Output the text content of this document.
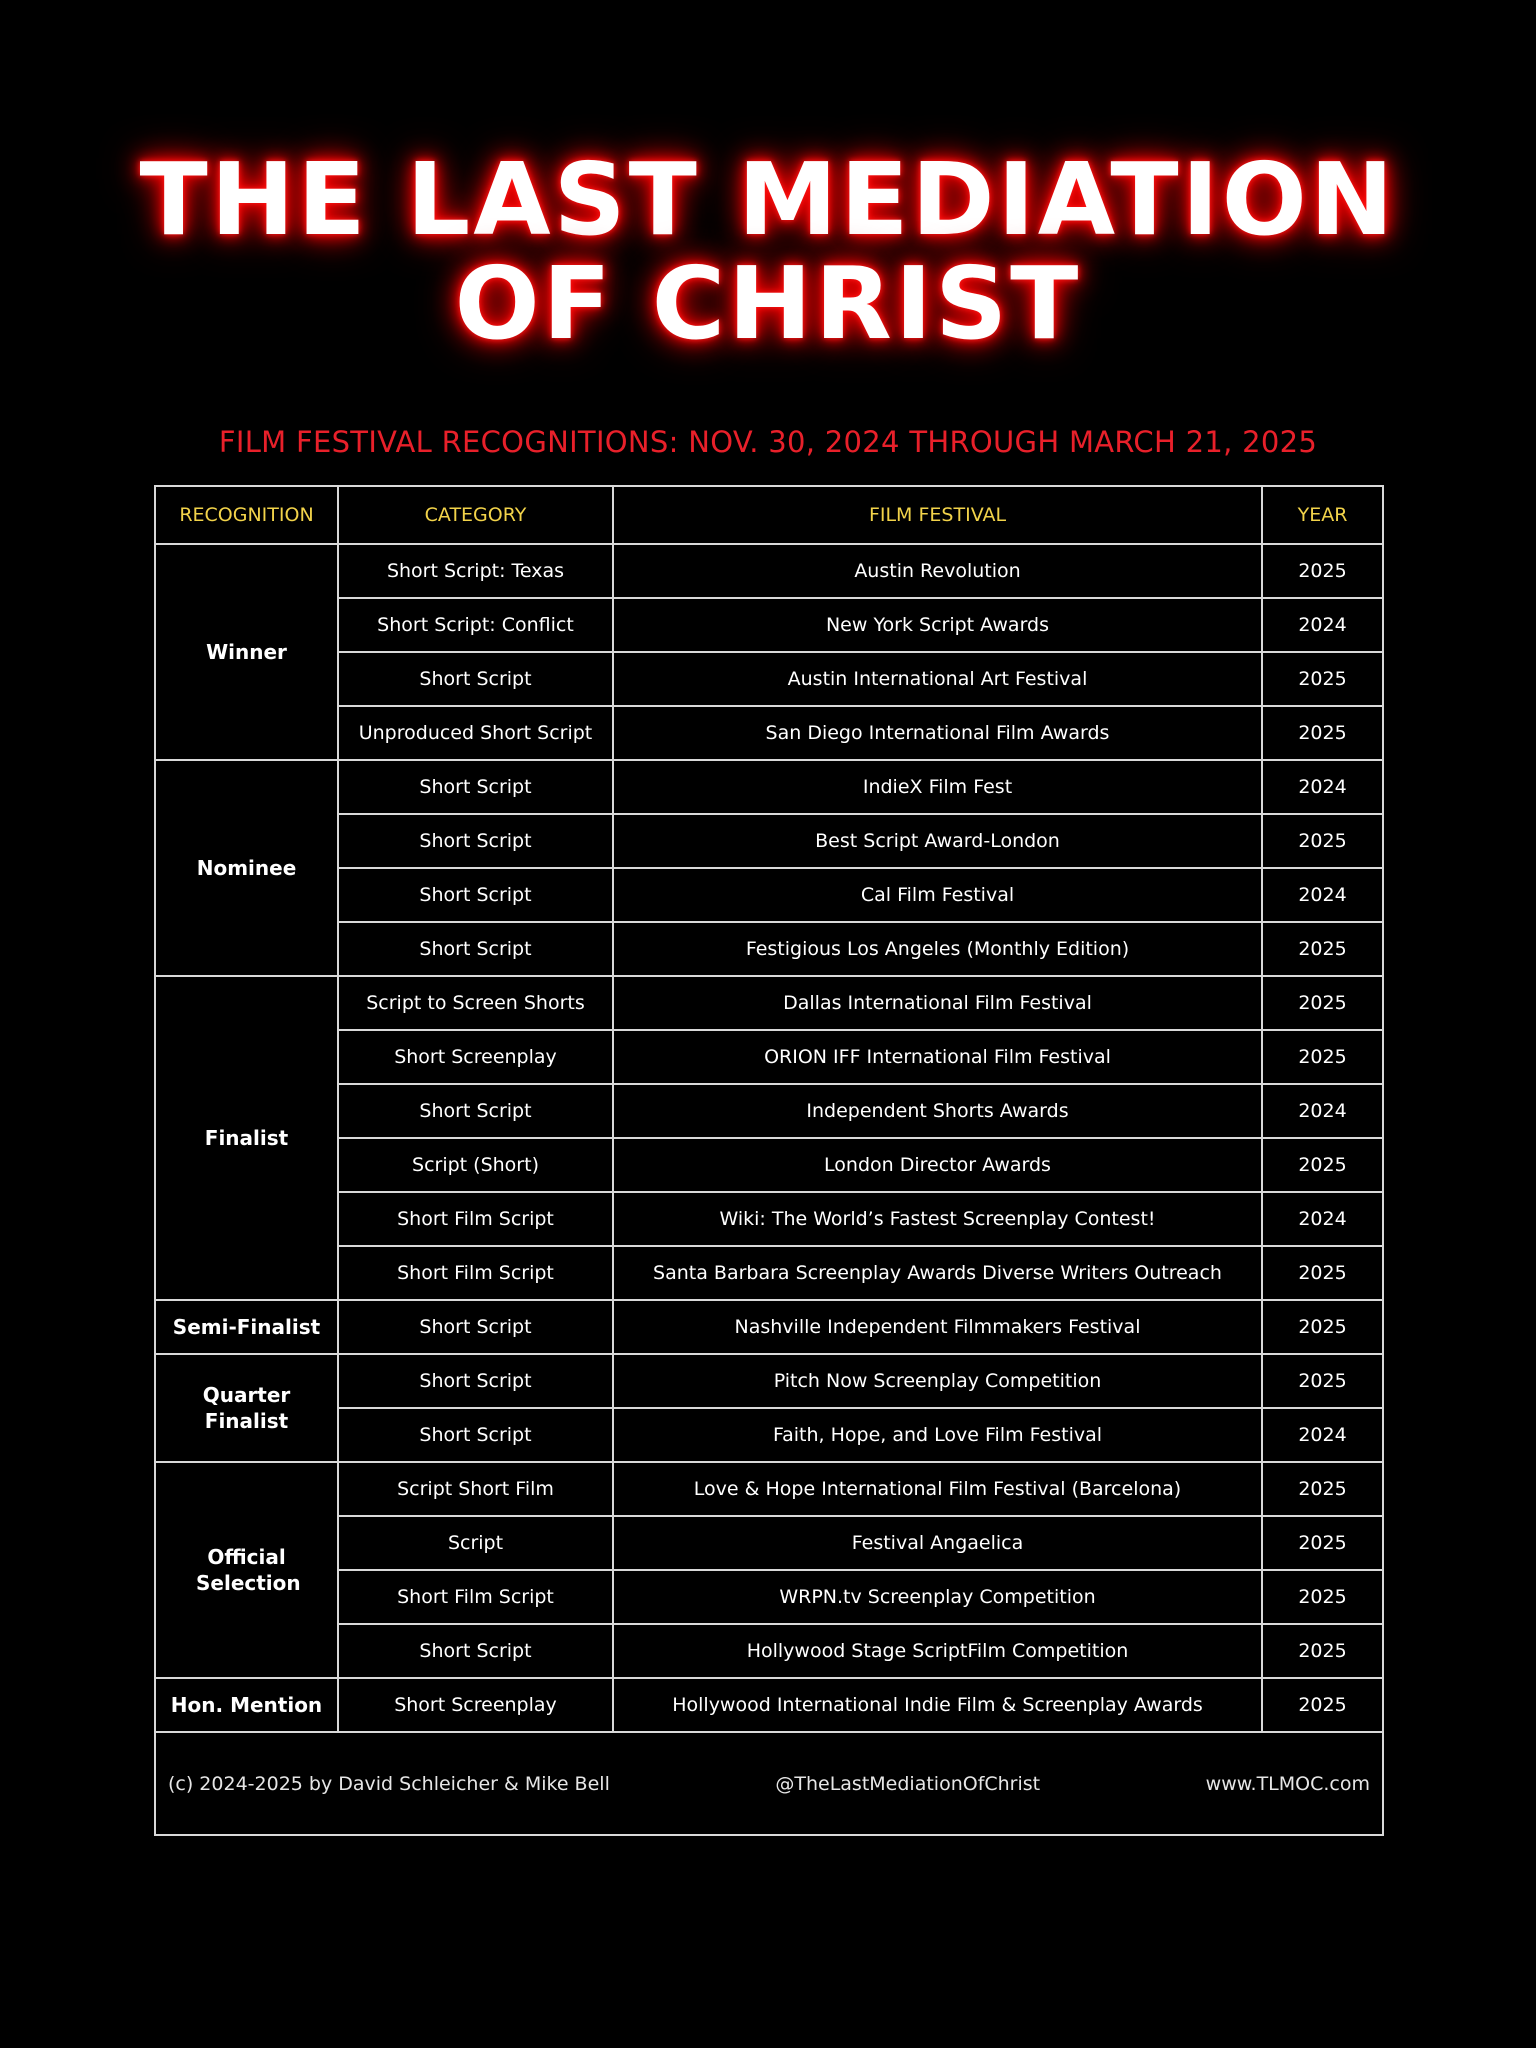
THE LAST MEDIATION
OF CHRIST
FILM FESTIVAL RECOGNITIONS: NOV. 30, 2024 THROUGH MARCH 21, 2025
RECOGNITION	CATEGORY	FILM FESTIVAL	YEAR
Winner	Short Script: Texas	Austin Revolution	2025
	Short Script: Conflict	New York Script Awards	2024
	Short Script	Austin International Art Festival	2025
	Unproduced Short Script	San Diego International Film Awards	2025
Nominee	Short Script	IndieX Film Fest	2024
	Short Script	Best Script Award-London	2025
	Short Script	Cal Film Festival	2024
	Short Script	Festigious Los Angeles (Monthly Edition)	2025
Finalist	Script to Screen Shorts	Dallas International Film Festival	2025
	Short Screenplay	ORION IFF International Film Festival	2025
	Short Script	Independent Shorts Awards	2024
	Script (Short)	London Director Awards	2025
	Short Film Script	Wiki: The World’s Fastest Screenplay Contest!	2024
	Short Film Script	Santa Barbara Screenplay Awards Diverse Writers Outreach	2025
Semi-Finalist	Short Script	Nashville Independent Filmmakers Festival	2025
Quarter Finalist	Short Script	Pitch Now Screenplay Competition	2025
	Short Script	Faith, Hope, and Love Film Festival	2024
Official Selection	Script Short Film	Love & Hope International Film Festival (Barcelona)	2025
	Script	Festival Angaelica	2025
	Short Film Script	WRPN.tv Screenplay Competition	2025
	Short Script	Hollywood Stage ScriptFilm Competition	2025
Hon. Mention	Short Screenplay	Hollywood International Indie Film & Screenplay Awards	2025

(c) 2024-2025 by David Schleicher & Mike Bell @TheLastMediationOfChrist www.TLMOC.com			
